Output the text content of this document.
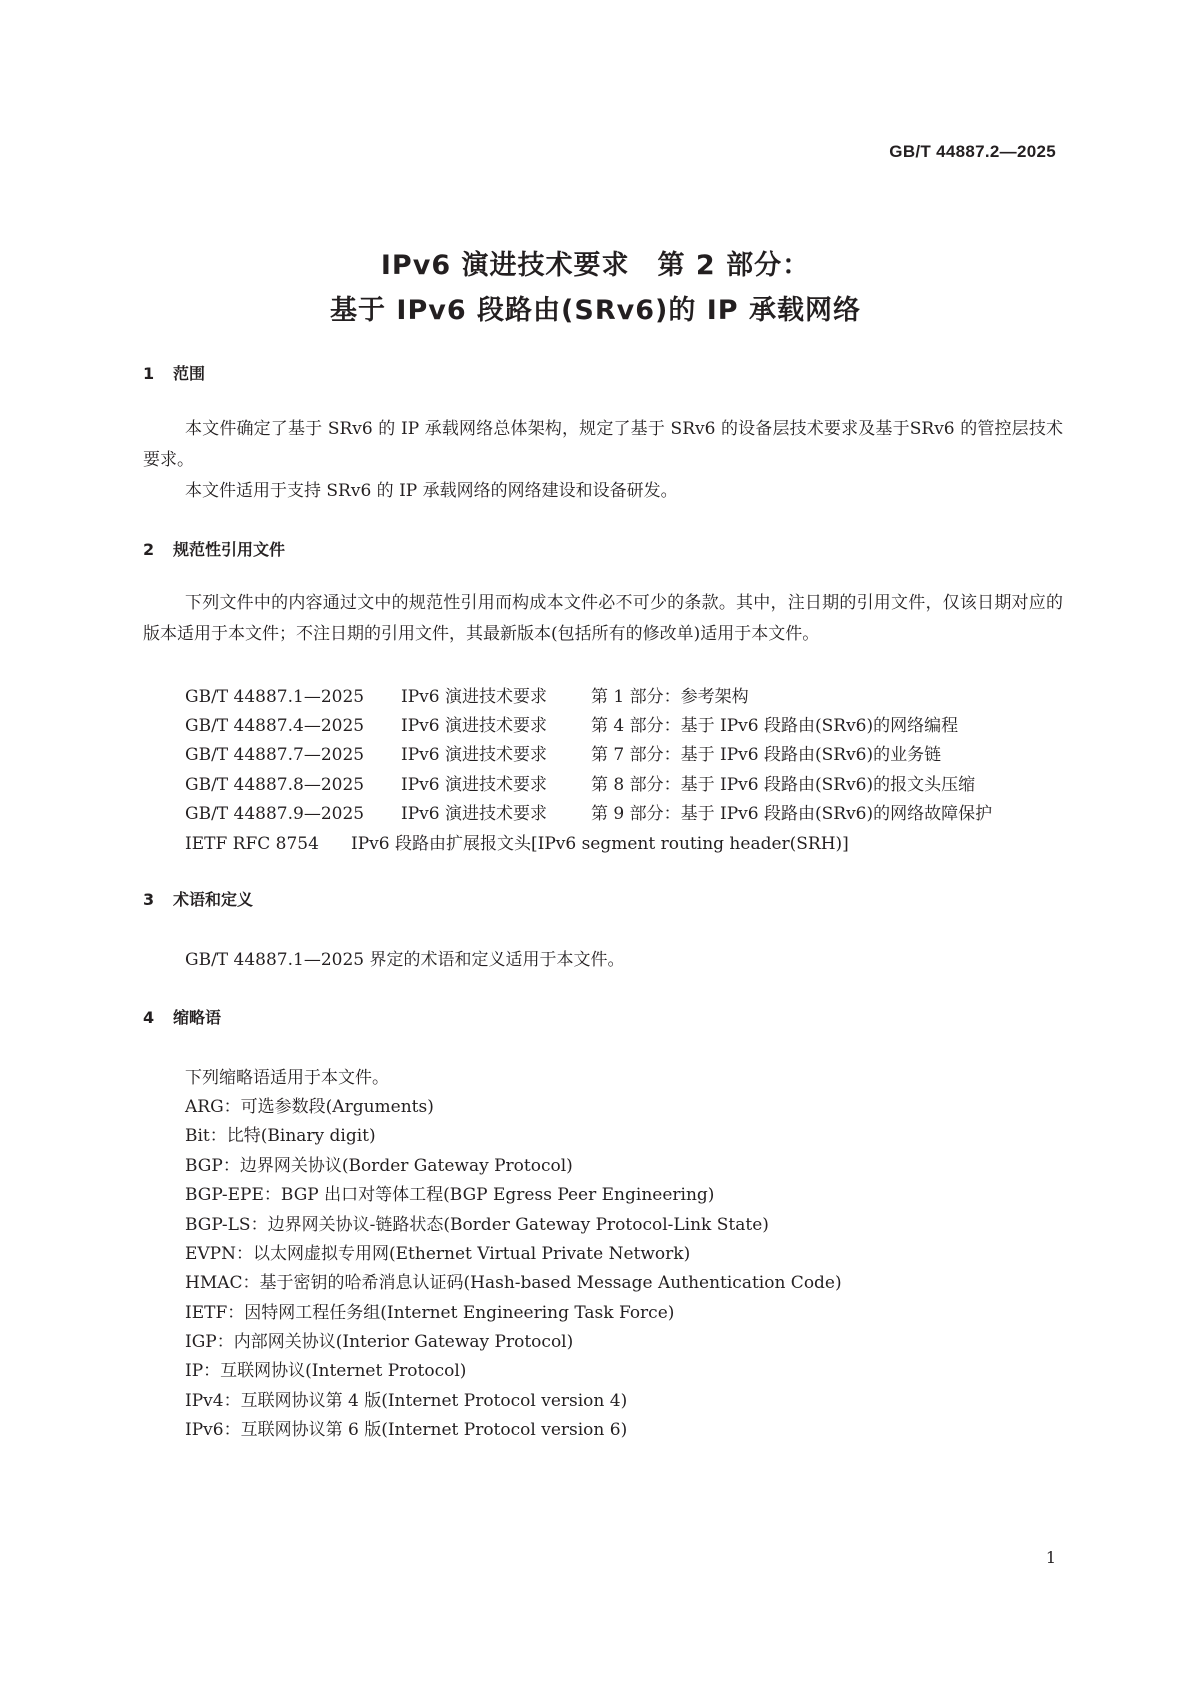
GB/T 44887.2—2025
IPv6 演进技术要求　第 2 部分：
基于 IPv6 段路由(SRv6)的 IP 承载网络
1 范围

本文件确定了基于 SRv6 的 IP 承载网络总体架构，规定了基于 SRv6 的设备层技术要求及基于SRv6 的管控层技术要求。

本文件适用于支持 SRv6 的 IP 承载网络的网络建设和设备研发。

2 规范性引用文件

下列文件中的内容通过文中的规范性引用而构成本文件必不可少的条款。其中，注日期的引用文件，仅该日期对应的版本适用于本文件；不注日期的引用文件，其最新版本(包括所有的修改单)适用于本文件。

GB/T 44887.1—2025 IPv6 演进技术要求	第 1 部分：参考架构
GB/T 44887.4—2025 IPv6 演进技术要求	第 4 部分：基于 IPv6 段路由(SRv6)的网络编程
GB/T 44887.7—2025 IPv6 演进技术要求	第 7 部分：基于 IPv6 段路由(SRv6)的业务链
GB/T 44887.8—2025 IPv6 演进技术要求	第 8 部分：基于 IPv6 段路由(SRv6)的报文头压缩
GB/T 44887.9—2025 IPv6 演进技术要求	第 9 部分：基于 IPv6 段路由(SRv6)的网络故障保护
IETF RFC 8754 IPv6 段路由扩展报文头[IPv6 segment routing header(SRH)]
3 术语和定义
GB/T 44887.1—2025 界定的术语和定义适用于本文件。
4 缩略语
下列缩略语适用于本文件。
ARG：可选参数段(Arguments)
Bit：比特(Binary digit)
BGP：边界网关协议(Border Gateway Protocol)
BGP-EPE：BGP 出口对等体工程(BGP Egress Peer Engineering)
BGP-LS：边界网关协议-链路状态(Border Gateway Protocol-Link State)
EVPN：以太网虚拟专用网(Ethernet Virtual Private Network)
HMAC：基于密钥的哈希消息认证码(Hash-based Message Authentication Code)
IETF：因特网工程任务组(Internet Engineering Task Force)
IGP：内部网关协议(Interior Gateway Protocol)
IP：互联网协议(Internet Protocol)
IPv4：互联网协议第 4 版(Internet Protocol version 4)
IPv6：互联网协议第 6 版(Internet Protocol version 6)
1
